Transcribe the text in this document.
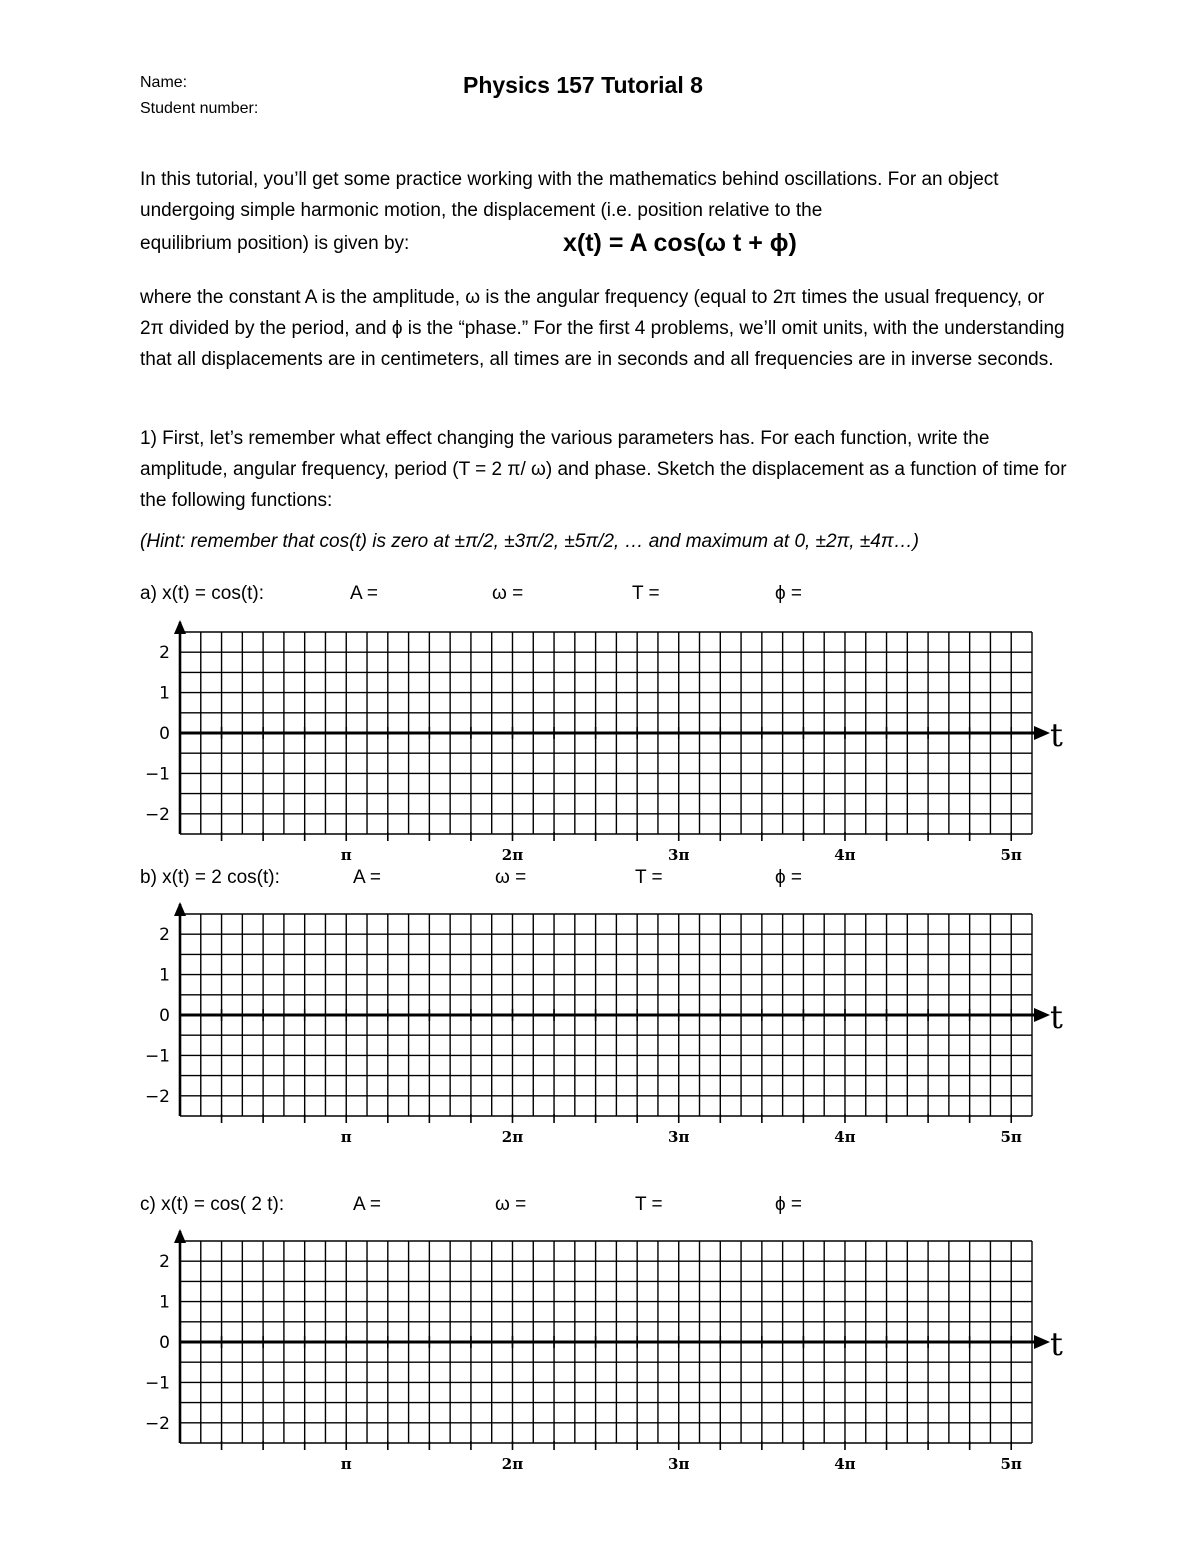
Name:
Student number:
Physics 157 Tutorial 8
In this tutorial, you’ll get some practice working with the mathematics behind oscillations. For an object undergoing simple harmonic motion, the displacement (i.e. position relative to the
equilibrium position) is given by:	x(t) = A cos(ω t + ϕ)
where the constant A is the amplitude, ω is the angular frequency (equal to 2π times the usual frequency, or 2π divided by the period, and ϕ is the “phase.” For the first 4 problems, we’ll omit units, with the understanding that all displacements are in centimeters, all times are in seconds and all frequencies are in inverse seconds.
1) First, let’s remember what effect changing the various parameters has. For each function, write the amplitude, angular frequency, period (T = 2 π/ ω) and phase. Sketch the displacement as a function of time for the following functions:
(Hint: remember that cos(t) is zero at ±π/2, ±3π/2, ±5π/2, … and maximum at 0, ±2π, ±4π…)
a) x(t) = cos(t):	A =	ω =	T =	ϕ =
t
2
1
0
−1
−2
π	2π	3π	4π	5π
b) x(t) = 2 cos(t):	A =	ω =	T =	ϕ =
t
2
1
0
−1
−2
π	2π	3π	4π	5π
c) x(t) = cos( 2 t):	A =	ω =	T =	ϕ =
t
2
1
0
−1
−2
π	2π	3π	4π	5π
